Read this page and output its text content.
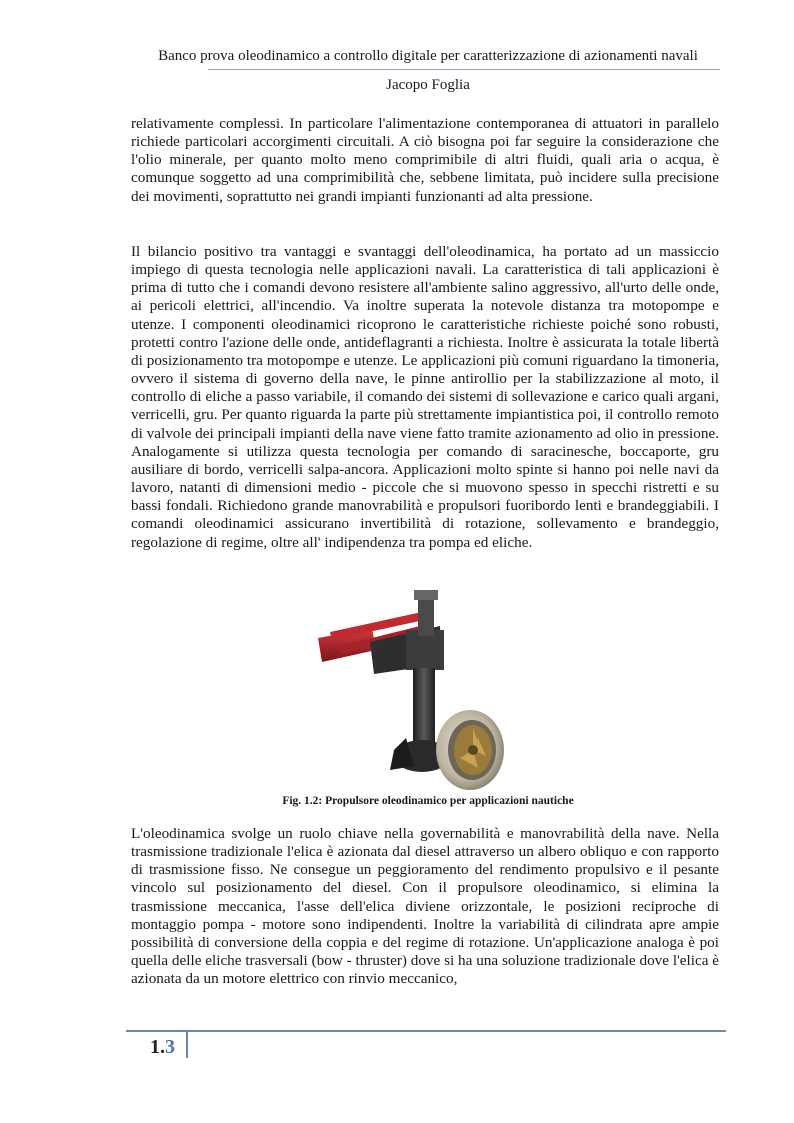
Banco prova oleodinamico a controllo digitale per caratterizzazione di azionamenti navali
Jacopo Foglia

relativamente complessi. In particolare l'alimentazione contemporanea di attuatori in parallelo richiede particolari accorgimenti circuitali. A ciò bisogna poi far seguire la considerazione che l'olio minerale, per quanto molto meno comprimibile di altri fluidi, quali aria o acqua, è comunque soggetto ad una comprimibilità che, sebbene limitata, può incidere sulla precisione dei movimenti, soprattutto nei grandi impianti funzionanti ad alta pressione.

Il bilancio positivo tra vantaggi e svantaggi dell'oleodinamica, ha portato ad un massiccio impiego di questa tecnologia nelle applicazioni navali. La caratteristica di tali applicazioni è prima di tutto che i comandi devono resistere all'ambiente salino aggressivo, all'urto delle onde, ai pericoli elettrici, all'incendio. Va inoltre superata la notevole distanza tra motopompe e utenze. I componenti oleodinamici ricoprono le caratteristiche richieste poiché sono robusti, protetti contro l'azione delle onde, antideflagranti a richiesta. Inoltre è assicurata la totale libertà di posizionamento tra motopompe e utenze. Le applicazioni più comuni riguardano la timoneria, ovvero il sistema di governo della nave, le pinne antirollio per la stabilizzazione al moto, il controllo di eliche a passo variabile, il comando dei sistemi di sollevazione e carico quali argani, verricelli, gru. Per quanto riguarda la parte più strettamente impiantistica poi, il controllo remoto di valvole dei principali impianti della nave viene fatto tramite azionamento ad olio in pressione. Analogamente si utilizza questa tecnologia per comando di saracinesche, boccaporte, gru ausiliare di bordo, verricelli salpa-ancora. Applicazioni molto spinte si hanno poi nelle navi da lavoro, natanti di dimensioni medio - piccole che si muovono spesso in specchi ristretti e su bassi fondali. Richiedono grande manovrabilità e propulsori fuoribordo lenti e brandeggiabili. I comandi oleodinamici assicurano invertibilità di rotazione, sollevamento e brandeggio, regolazione di regime, oltre all' indipendenza tra pompa ed eliche.

Fig. 1.2: Propulsore oleodinamico per applicazioni nautiche

L'oleodinamica svolge un ruolo chiave nella governabilità e manovrabilità della nave. Nella trasmissione tradizionale l'elica è azionata dal diesel attraverso un albero obliquo e con rapporto di trasmissione fisso. Ne consegue un peggioramento del rendimento propulsivo e il pesante vincolo sul posizionamento del diesel. Con il propulsore oleodinamico, si elimina la trasmissione meccanica, l'asse dell'elica diviene orizzontale, le posizioni reciproche di montaggio pompa - motore sono indipendenti. Inoltre la variabilità di cilindrata apre ampie possibilità di conversione della coppia e del regime di rotazione. Un'applicazione analoga è poi quella delle eliche trasversali (bow - thruster) dove si ha una soluzione tradizionale dove l'elica è azionata da un motore elettrico con rinvio meccanico,

1.3
